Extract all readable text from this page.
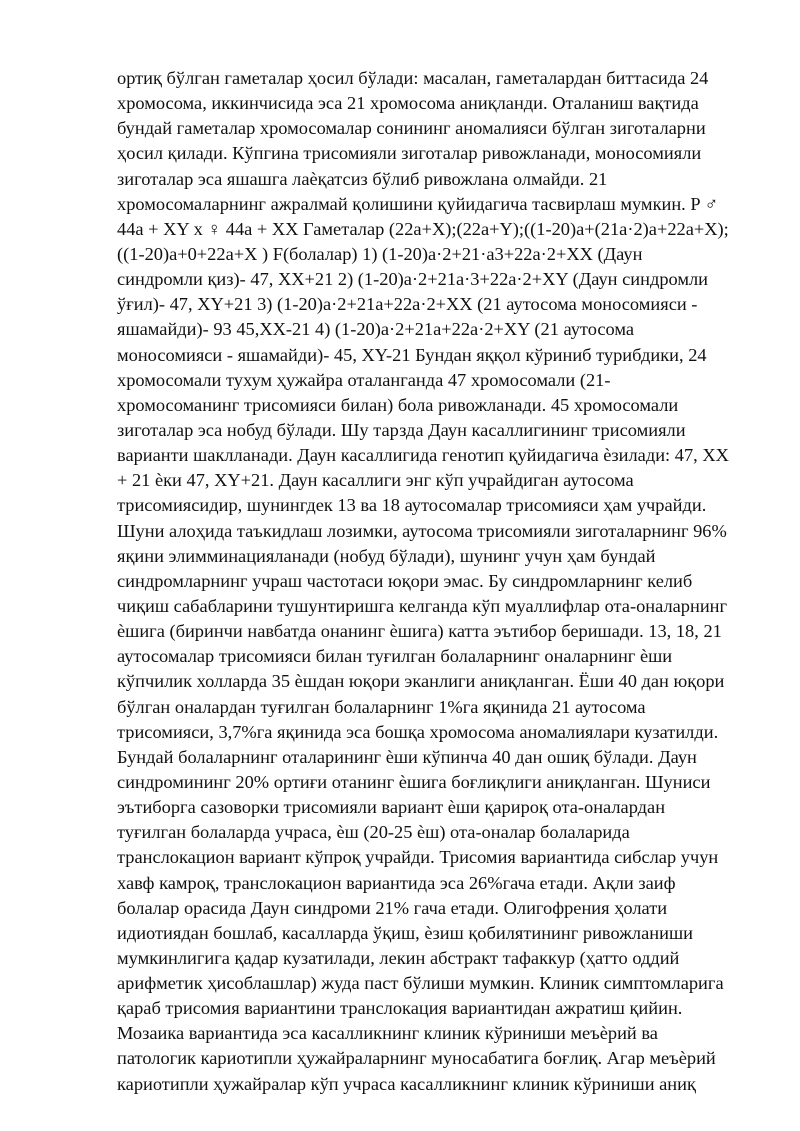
ортиқ бўлган гаметалар ҳосил бўлади: масалан, гаметалардан биттасида 24
хромосома, иккинчисида эса 21 хромосома аниқланди. Оталаниш вақтида
бундай гаметалар хромосомалар сонининг аномалияси бўлган зиготаларни
ҳосил қилади. Кўпгина трисомияли зиготалар ривожланади, моносомияли
зиготалар эса яшашга лаѐқатсиз бўлиб ривожлана олмайди. 21
хромосомаларнинг ажралмай қолишини қуйидагича тасвирлаш мумкин. P ♂
44a + XY x ♀ 44a + XX Гаметалар (22a+X);(22a+Y);((1-20)a+(21a·2)a+22a+X);
((1-20)a+0+22a+X ) F(болалар) 1) (1-20)a·2+21·a3+22a·2+XX (Даун
синдромли қиз)- 47, XX+21 2) (1-20)a·2+21a·3+22a·2+XY (Даун синдромли
ўғил)- 47, XY+21 3) (1-20)a·2+21a+22a·2+XX (21 аутосома моносомияси -
яшамайди)- 93 45,XX-21 4) (1-20)a·2+21a+22a·2+XY (21 аутосома
моносомияси - яшамайди)- 45, XY-21 Бундан яққол кўриниб турибдики, 24
хромосомали тухум ҳужайра оталанганда 47 хромосомали (21-
хромосоманинг трисомияси билан) бола ривожланади. 45 хромосомали
зиготалар эса нобуд бўлади. Шу тарзда Даун касаллигининг трисомияли
варианти шаклланади. Даун касаллигида генотип қуйидагича ѐзилади: 47, XX
+ 21 ѐки 47, XY+21. Даун касаллиги энг кўп учрайдиган аутосома
трисомиясидир, шунингдек 13 ва 18 аутосомалар трисомияси ҳам учрайди.
Шуни алоҳида таъкидлаш лозимки, аутосома трисомияли зиготаларнинг 96%
яқини элимминацияланади (нобуд бўлади), шунинг учун ҳам бундай
синдромларнинг учраш частотаси юқори эмас. Бу синдромларнинг келиб
чиқиш сабабларини тушунтиришга келганда кўп муаллифлар ота-оналарнинг
ѐшига (биринчи навбатда онанинг ѐшига) катта эътибор беришади. 13, 18, 21
аутосомалар трисомияси билан туғилган болаларнинг оналарнинг ѐши
кўпчилик холларда 35 ѐшдан юқори эканлиги аниқланган. Ёши 40 дан юқори
бўлган оналардан туғилган болаларнинг 1%га яқинида 21 аутосома
трисомияси, 3,7%га яқинида эса бошқа хромосома аномалиялари кузатилди.
Бундай болаларнинг оталарининг ѐши кўпинча 40 дан ошиқ бўлади. Даун
синдромининг 20% ортиғи отанинг ѐшига боғлиқлиги аниқланган. Шуниси
эътиборга сазоворки трисомияли вариант ѐши қарироқ ота-оналардан
туғилган болаларда учраса, ѐш (20-25 ѐш) ота-оналар болаларида
транслокацион вариант кўпроқ учрайди. Трисомия вариантида сибслар учун
хавф камроқ, транслокацион вариантида эса 26%гача етади. Ақли заиф
болалар орасида Даун синдроми 21% гача етади. Олигофрения ҳолати
идиотиядан бошлаб, касалларда ўқиш, ѐзиш қобилятининг ривожланиши
мумкинлигига қадар кузатилади, лекин абстракт тафаккур (ҳатто оддий
арифметик ҳисоблашлар) жуда паст бўлиши мумкин. Клиник симптомларига
қараб трисомия вариантини транслокация вариантидан ажратиш қийин.
Мозаика вариантида эса касалликнинг клиник кўриниши меъѐрий ва
патологик кариотипли ҳужайраларнинг муносабатига боғлиқ. Агар меъѐрий
кариотипли ҳужайралар кўп учраса касалликнинг клиник кўриниши аниқ
